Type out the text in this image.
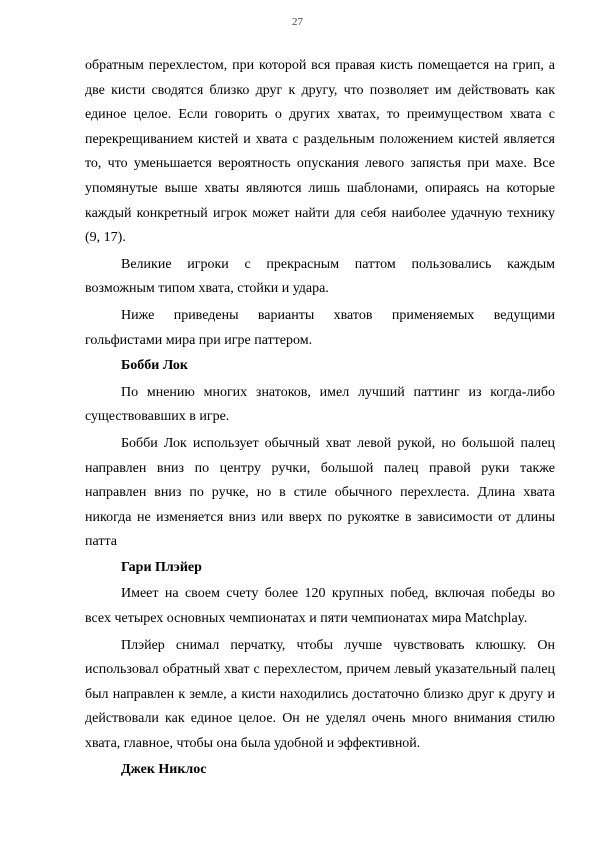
27

обратным перехлестом, при которой вся правая кисть помещается на грип, а две кисти сводятся близко друг к другу, что позволяет им действовать как единое целое. Если говорить о других хватах, то преимуществом хвата с перекрещиванием кистей и хвата с раздельным положением кистей является то, что уменьшается вероятность опускания левого запястья при махе. Все упомянутые выше хваты являются лишь шаблонами, опираясь на которые каждый конкретный игрок может найти для себя наиболее удачную технику (9, 17).

Великие игроки с прекрасным паттом пользовались каждым возможным типом хвата, стойки и удара.

Ниже приведены варианты хватов применяемых ведущими гольфистами мира при игре паттером.

Бобби Лок

По мнению многих знатоков, имел лучший паттинг из когда-либо существовавших в игре.

Бобби Лок использует обычный хват левой рукой, но большой палец направлен вниз по центру ручки, большой палец правой руки также направлен вниз по ручке, но в стиле обычного перехлеста. Длина хвата никогда не изменяется вниз или вверх по рукоятке в зависимости от длины патта

Гари Плэйер

Имеет на своем счету более 120 крупных побед, включая победы во всех четырех основных чемпионатах и пяти чемпионатах мира Matchplay.

Плэйер снимал перчатку, чтобы лучше чувствовать клюшку. Он использовал обратный хват с перехлестом, причем левый указательный палец был направлен к земле, а кисти находились достаточно близко друг к другу и действовали как единое целое. Он не уделял очень много внимания стилю хвата, главное, чтобы она была удобной и эффективной.

Джек Никлос
